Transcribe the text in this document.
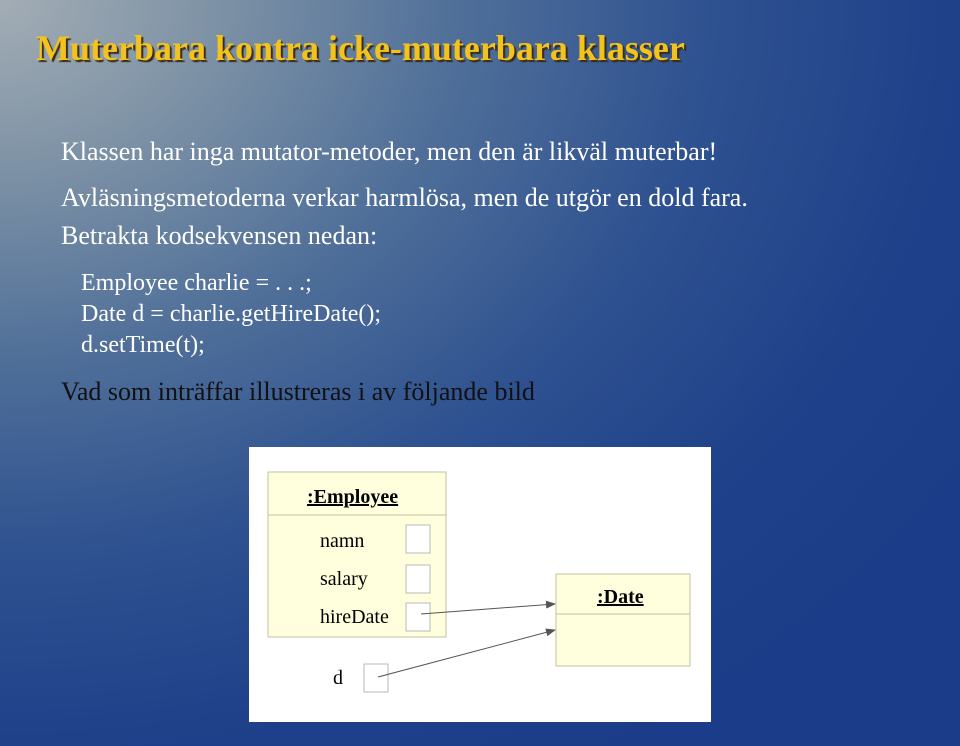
Muterbara kontra icke-muterbara klasser

Klassen har inga mutator-metoder, men den är likväl muterbar!

Avläsningsmetoderna verkar harmlösa, men de utgör en dold fara.

Betrakta kodsekvensen nedan:

Employee charlie = . . .;

Date d = charlie.getHireDate();

d.setTime(t);

Vad som inträffar illustreras i av följande bild

:Employee

namn

salary

hireDate

:Date

d
